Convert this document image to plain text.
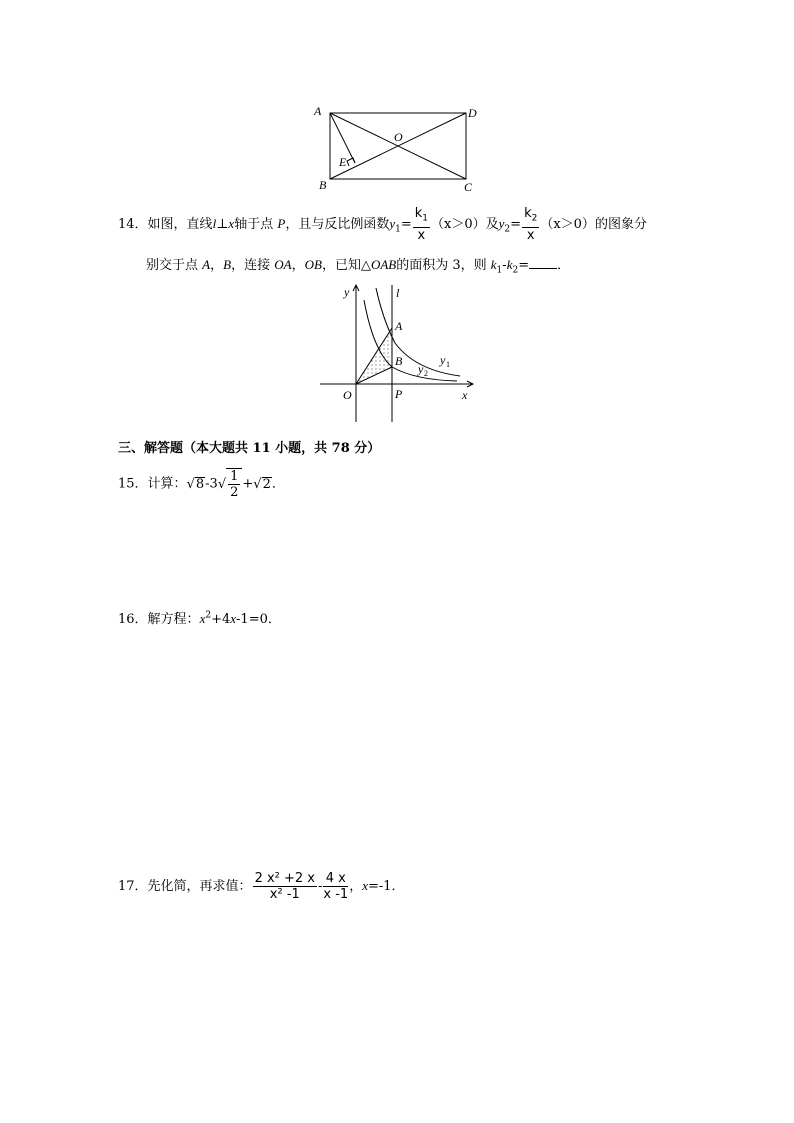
A	D
O
E
B	C
14．如图，直线l⊥x轴于点 P，且与反比例函数$y_1= \frac{k_1}{x} (x>0)$及$y_2= \frac{k_2}{x} (x>0)$的图象分
别交于点 A，B，连接 OA，OB，已知△OAB的面积为 3，则 $k_1-k_2=$ ．
y	l
A
B	y 1
y 2
O	P	x
三、解答题（本大题共 11 小题，共 78 分）
15．计算：$√8-3√ \frac{1}{2} +√2$．
16．解方程：$x^2+4x-1=0$．
17．先化简，再求值： $\frac{\text{2 x² +2 x}}{\text{x² -1}} - \frac{4 x}{x -1}$ ，x=-1．
